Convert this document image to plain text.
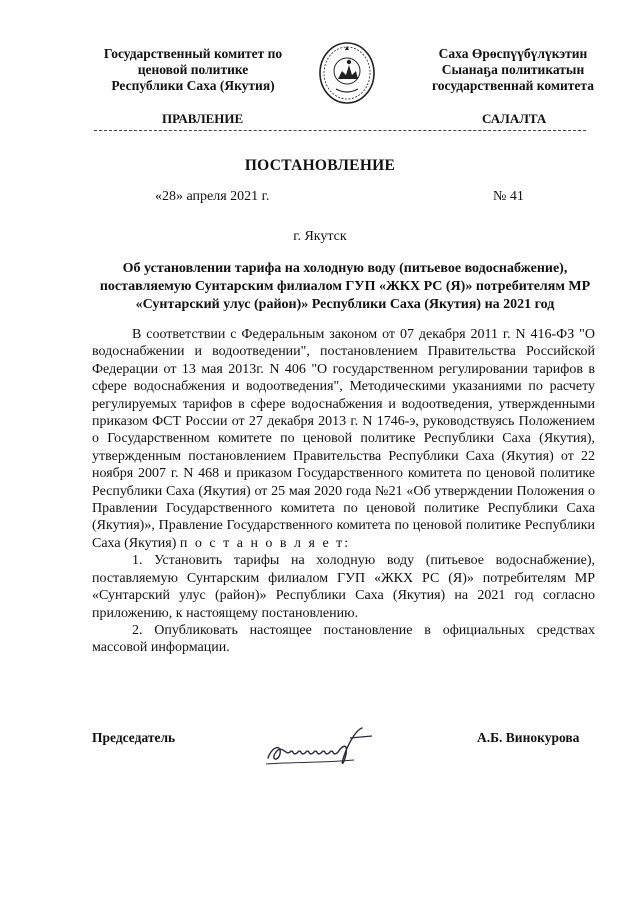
Государственный комитет по
ценовой политике
Республики Саха (Якутия)
Саха Өрөспүүбүлүкэтин
Сыанаҕа политикатын
государственнай комитета
ПРАВЛЕНИЕ	САЛАЛТА
ПОСТАНОВЛЕНИЕ
«28» апреля 2021 г.	№ 41
г. Якутск
Об установлении тарифа на холодную воду (питьевое водоснабжение), поставляемую Сунтарским филиалом ГУП «ЖКХ РС (Я)» потребителям МР «Сунтарский улус (район)» Республики Саха (Якутия) на 2021 год

В соответствии с Федеральным законом от 07 декабря 2011 г. N 416-ФЗ "О водоснабжении и водоотведении", постановлением Правительства Российской Федерации от 13 мая 2013г. N 406 "О государственном регулировании тарифов в сфере водоснабжения и водоотведения", Методическими указаниями по расчету регулируемых тарифов в сфере водоснабжения и водоотведения, утвержденными приказом ФСТ России от 27 декабря 2013 г. N 1746-э, руководствуясь Положением о Государственном комитете по ценовой политике Республики Саха (Якутия), утвержденным постановлением Правительства Республики Саха (Якутия) от 22 ноября 2007 г. N 468 и приказом Государственного комитета по ценовой политике Республики Саха (Якутия) от 25 мая 2020 года №21 «Об утверждении Положения о Правлении Государственного комитета по ценовой политике Республики Саха (Якутия)», Правление Государственного комитета по ценовой политике Республики Саха (Якутия) п о с т а н о в л я е т:

1. Установить тарифы на холодную воду (питьевое водоснабжение), поставляемую Сунтарским филиалом ГУП «ЖКХ РС (Я)» потребителям МР «Сунтарский улус (район)» Республики Саха (Якутия) на 2021 год согласно приложению, к настоящему постановлению.

2. Опубликовать настоящее постановление в официальных средствах массовой информации.

Председатель	А.Б. Винокурова
